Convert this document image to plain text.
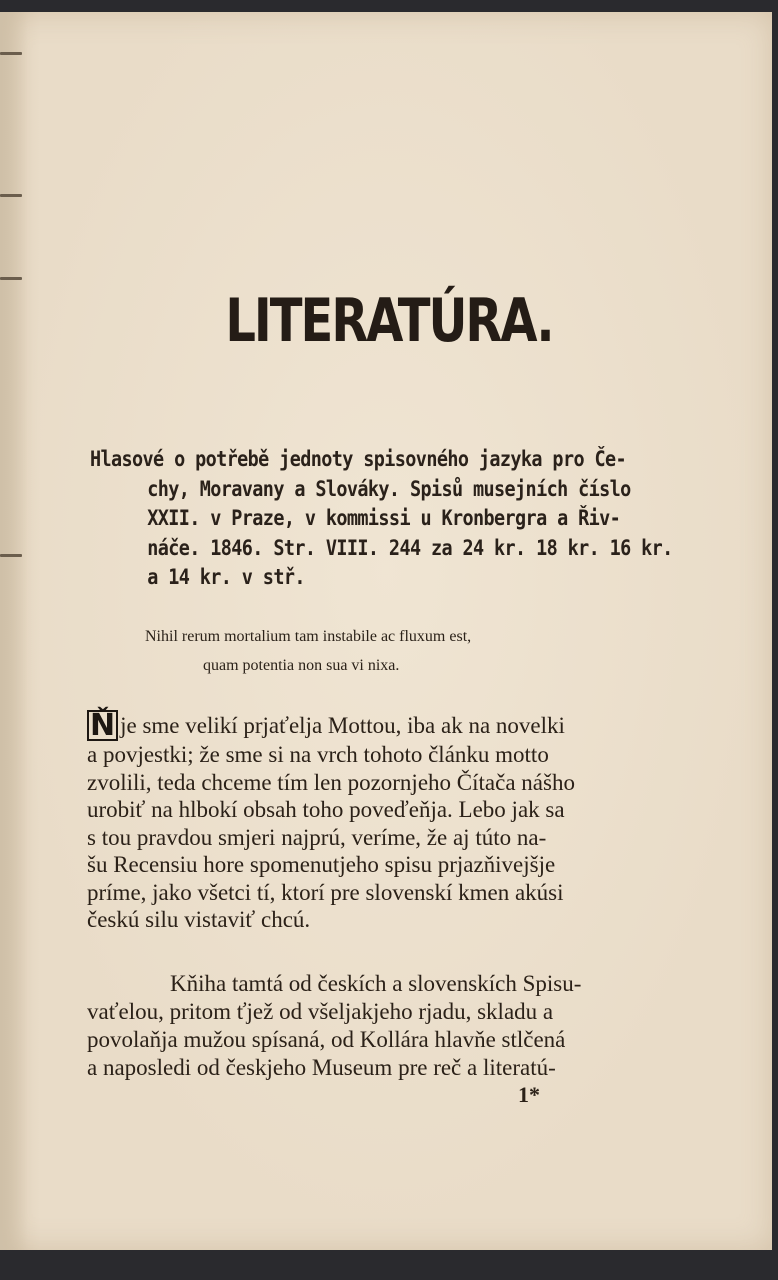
LITERATÚRA.
Hlasové o potřebě jednoty spisovného jazyka pro Če-
chy, Moravany a Slováky. Spisů musejních číslo
XXII. v Praze, v kommissi u Kronbergra a Řiv-
náče. 1846. Str. VIII. 244 za 24 kr. 18 kr. 16 kr.
a 14 kr. v stř.
Nihil rerum mortalium tam instabile ac fluxum est,
quam potentia non sua vi nixa.
Ň je sme velikí prjaťelja Mottou, iba ak na novelki
a povjestki; že sme si na vrch tohoto článku motto
zvolili, teda chceme tím len pozornjeho Čítača nášho
urobiť na hlbokí obsah toho poveďeňja. Lebo jak sa
s tou pravdou smjeri najprú, veríme, že aj túto na-
šu Recensiu hore spomenutjeho spisu prjazňivejšje
príme, jako všetci tí, ktorí pre slovenskí kmen akúsi
českú silu vistaviť chcú.
Kňiha tamtá od českích a slovenskích Spisu-
vaťelou, pritom ťjež od všeljakjeho rjadu, skladu a
povolaňja mužou spísaná, od Kollára hlavňe stlčená
a naposledi od českjeho Museum pre reč a literatú-
1*
